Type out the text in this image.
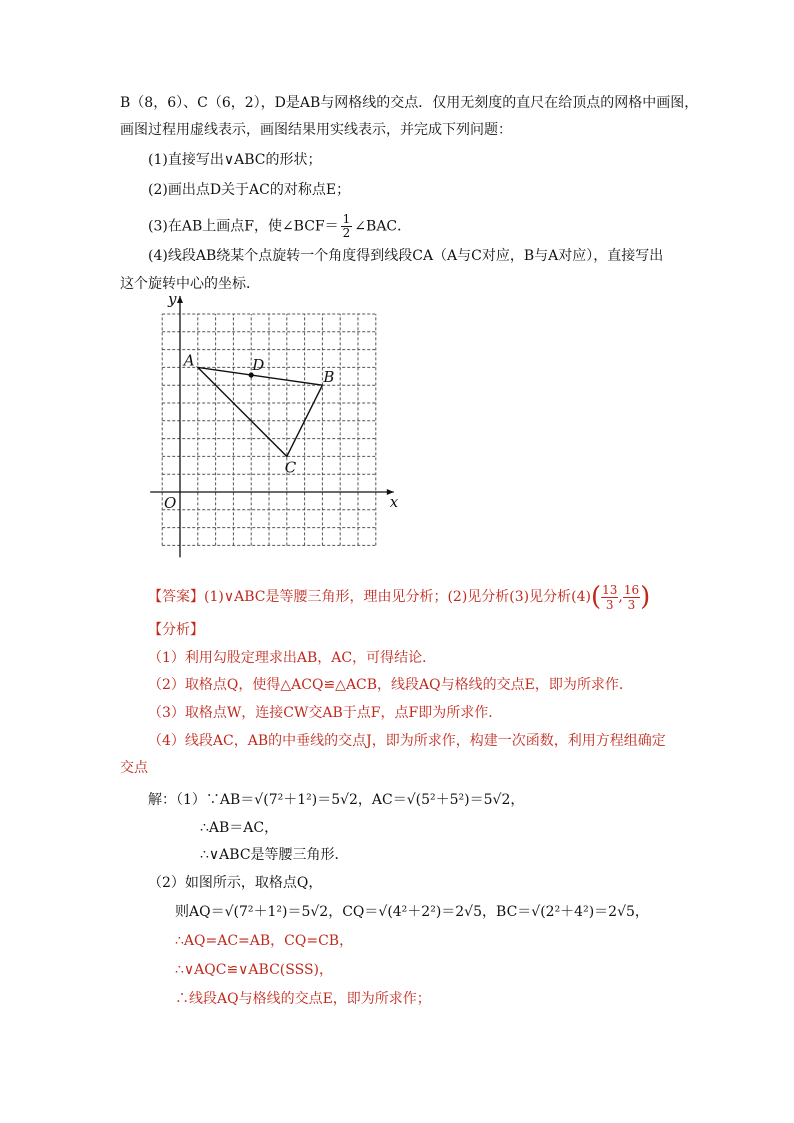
B（8，6）、C（6，2），D是AB与网格线的交点．仅用无刻度的直尺在给顶点的网格中画图，
画图过程用虚线表示，画图结果用实线表示，并完成下列问题：
(1)直接写出∨ABC的形状；
(2)画出点D关于AC的对称点E；
(3)在AB上画点F，使∠BCF＝ $\frac{1}{2}$ ∠BAC．
(4)线段AB绕某个点旋转一个角度得到线段CA（A与C对应，B与A对应），直接写出
这个旋转中心的坐标．
A
B
C
D
O	x
y
【答案】(1)∨ABC是等腰三角形，理由见分析；(2)见分析(3)见分析$(4)( \frac{13}{3}$ , $\frac{16}{3}$ )
【分析】
（1）利用勾股定理求出AB，AC，可得结论．
（2）取格点Q，使得△ACQ≌△ACB，线段AQ与格线的交点E，即为所求作．
（3）取格点W，连接CW交AB于点F，点F即为所求作．
（4）线段AC，AB的中垂线的交点J，即为所求作，构建一次函数，利用方程组确定
交点
解：（1）∵AB＝√(7²＋1²)＝5√2，AC＝√(5²＋5²)＝5√2，
∴AB＝AC，
∴∨ABC是等腰三角形．
（2）如图所示，取格点Q，
则AQ＝√(7²＋1²)＝5√2，CQ＝√(4²＋2²)＝2√5，BC＝√(2²＋4²)＝2√5，
∴AQ=AC=AB，CQ=CB，
∴∨AQC≌∨ABC(SSS)，
∴线段AQ与格线的交点E，即为所求作；
